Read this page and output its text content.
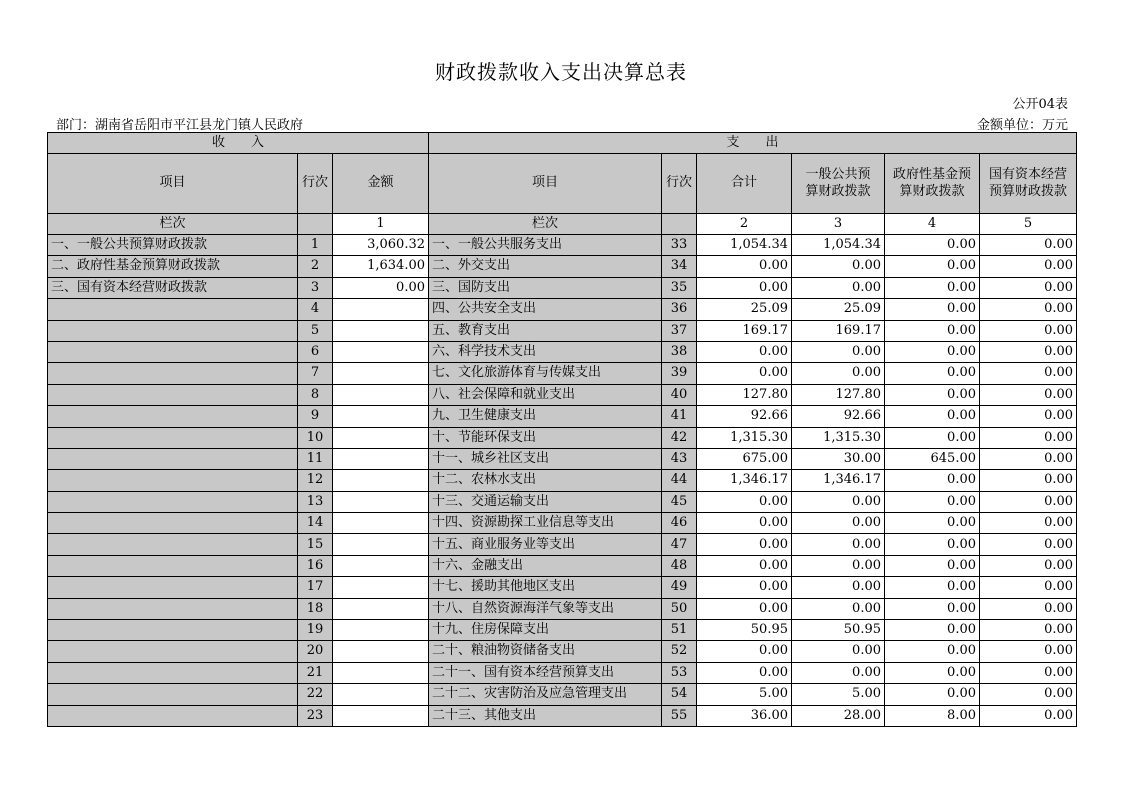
财政拨款收入支出决算总表
公开04表
部门：湖南省岳阳市平江县龙门镇人民政府	金额单位：万元
收　　入			支　　出					
项目	行次	金额	项目	行次	合计	一般公共预算财政拨款	政府性基金预算财政拨款	国有资本经营预算财政拨款
栏次		1	栏次		2	3	4	5
一、一般公共预算财政拨款	1	3,060.32	一、一般公共服务支出	33	1,054.34	1,054.34	0.00	0.00
二、政府性基金预算财政拨款	2	1,634.00	二、外交支出	34	0.00	0.00	0.00	0.00
三、国有资本经营财政拨款	3	0.00	三、国防支出	35	0.00	0.00	0.00	0.00
	4		四、公共安全支出	36	25.09	25.09	0.00	0.00
	5		五、教育支出	37	169.17	169.17	0.00	0.00
	6		六、科学技术支出	38	0.00	0.00	0.00	0.00
	7		七、文化旅游体育与传媒支出	39	0.00	0.00	0.00	0.00
	8		八、社会保障和就业支出	40	127.80	127.80	0.00	0.00
	9		九、卫生健康支出	41	92.66	92.66	0.00	0.00
	10		十、节能环保支出	42	1,315.30	1,315.30	0.00	0.00
	11		十一、城乡社区支出	43	675.00	30.00	645.00	0.00
	12		十二、农林水支出	44	1,346.17	1,346.17	0.00	0.00
	13		十三、交通运输支出	45	0.00	0.00	0.00	0.00
	14		十四、资源勘探工业信息等支出	46	0.00	0.00	0.00	0.00
	15		十五、商业服务业等支出	47	0.00	0.00	0.00	0.00
	16		十六、金融支出	48	0.00	0.00	0.00	0.00
	17		十七、援助其他地区支出	49	0.00	0.00	0.00	0.00
	18		十八、自然资源海洋气象等支出	50	0.00	0.00	0.00	0.00
	19		十九、住房保障支出	51	50.95	50.95	0.00	0.00
	20		二十、粮油物资储备支出	52	0.00	0.00	0.00	0.00
	21		二十一、国有资本经营预算支出	53	0.00	0.00	0.00	0.00
	22		二十二、灾害防治及应急管理支出	54	5.00	5.00	0.00	0.00
	23		二十三、其他支出	55	36.00	28.00	8.00	0.00
